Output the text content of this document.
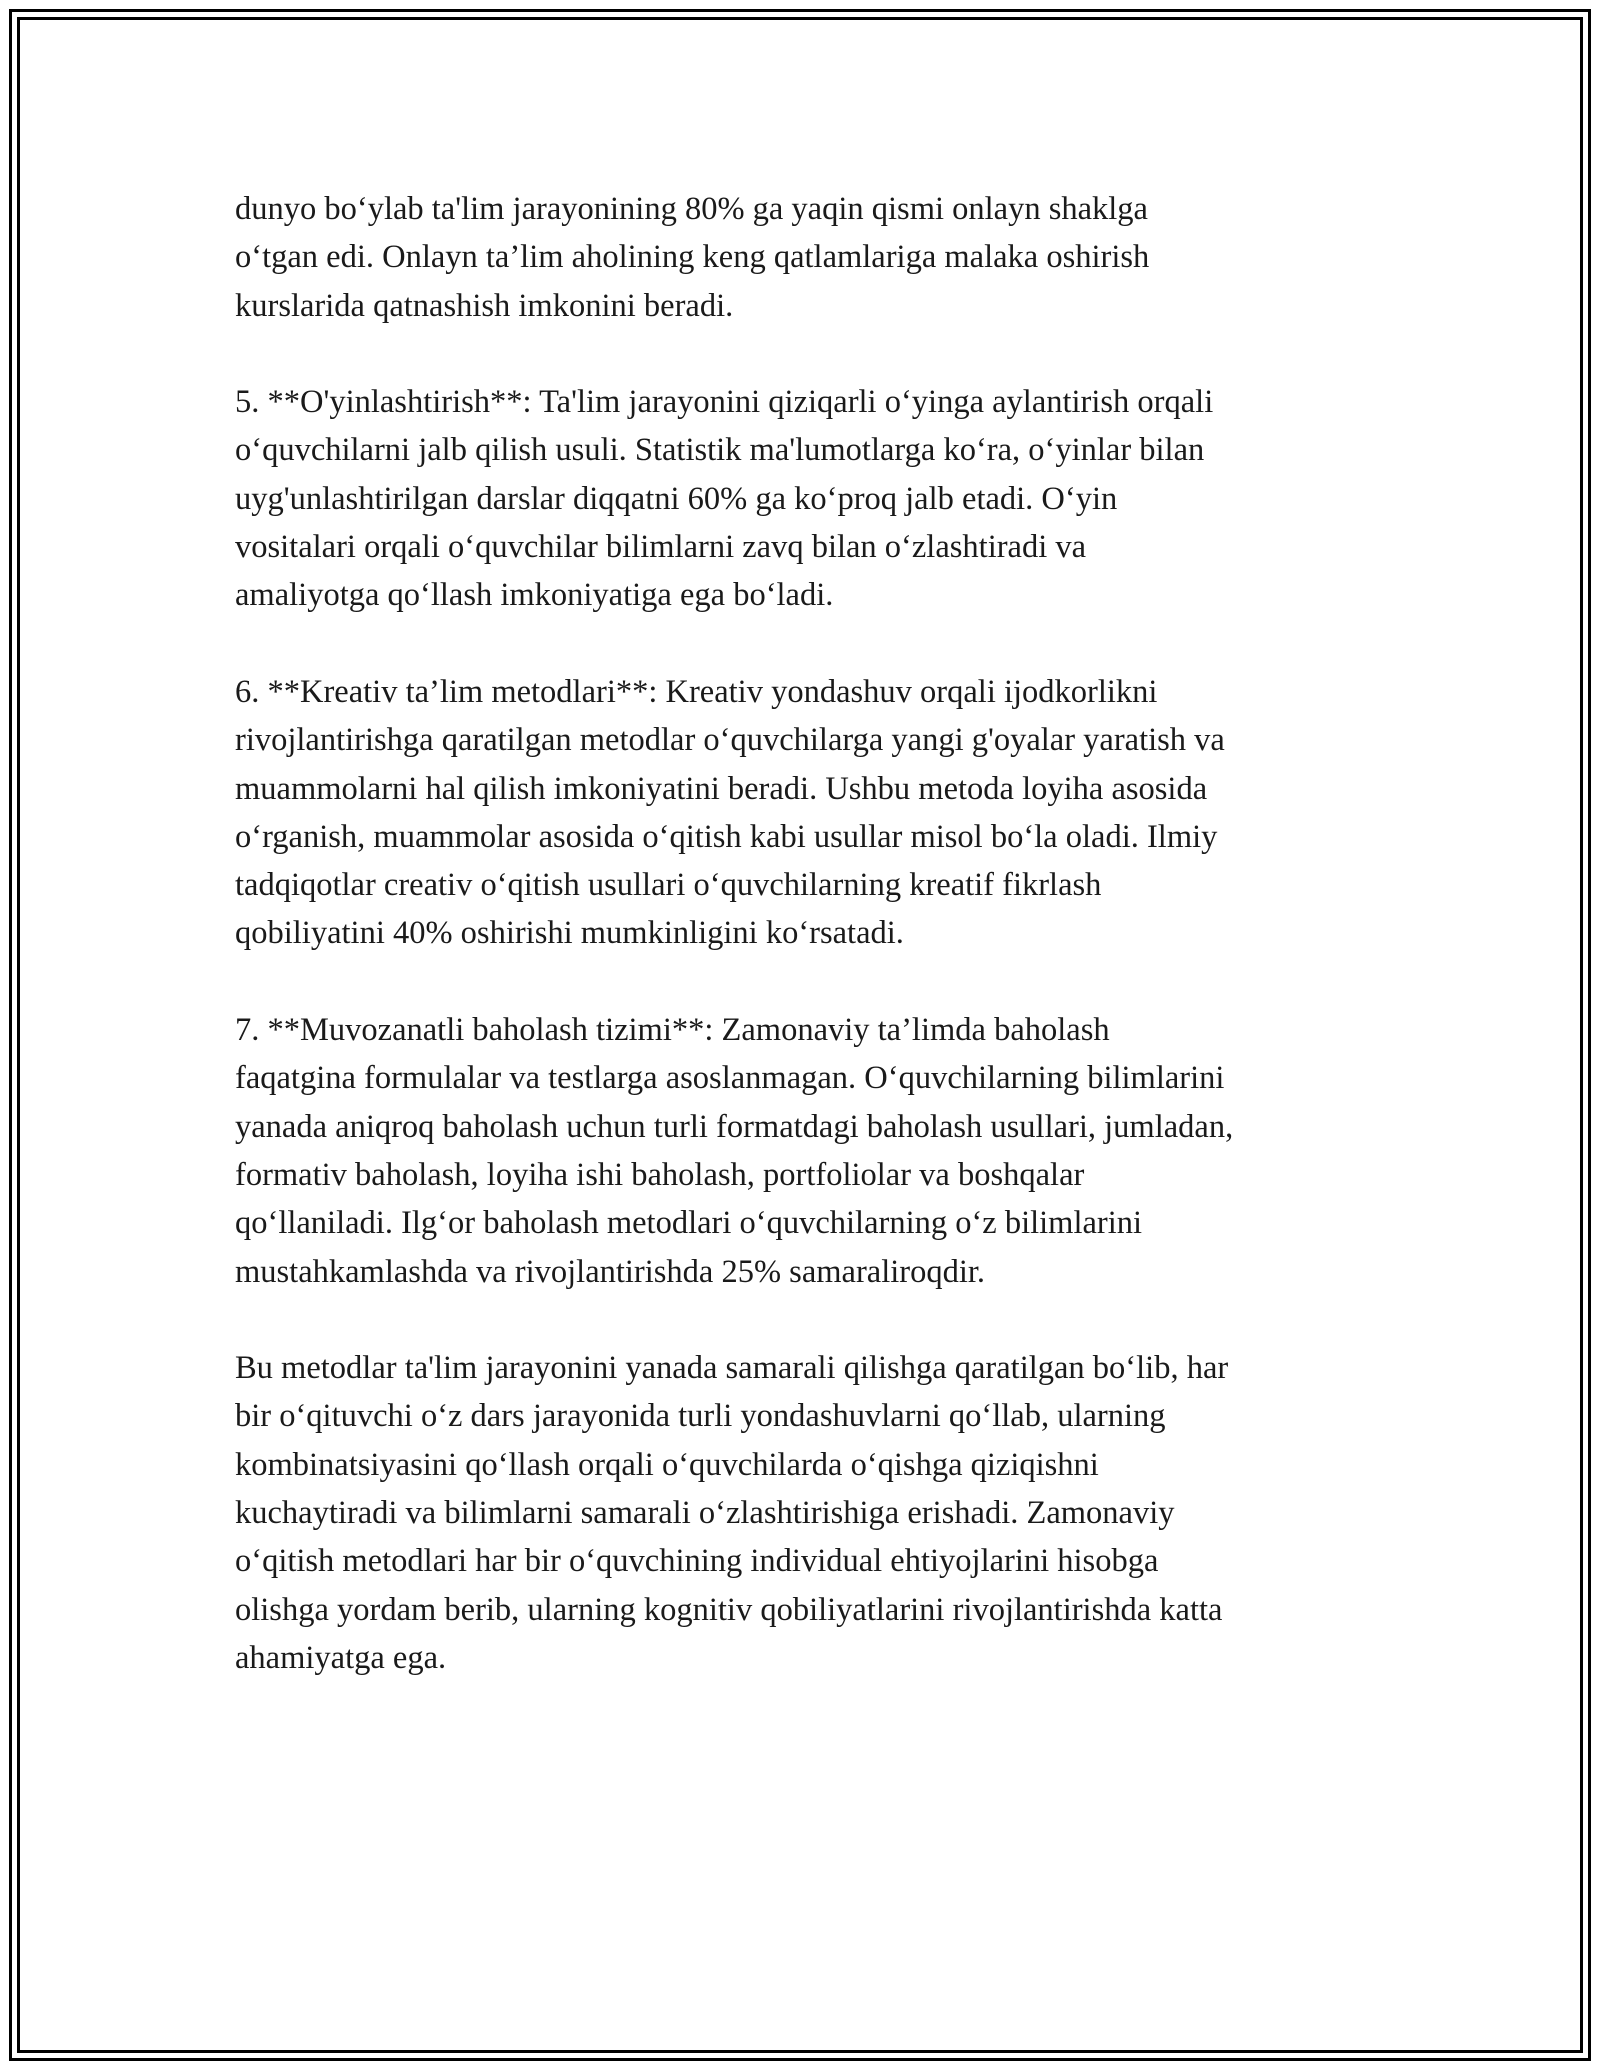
dunyo bo‘ylab ta'lim jarayonining 80% ga yaqin qismi onlayn shaklga
o‘tgan edi. Onlayn ta’lim aholining keng qatlamlariga malaka oshirish
kurslarida qatnashish imkonini beradi.

5. **O'yinlashtirish**: Ta'lim jarayonini qiziqarli o‘yinga aylantirish orqali
o‘quvchilarni jalb qilish usuli. Statistik ma'lumotlarga ko‘ra, o‘yinlar bilan
uyg'unlashtirilgan darslar diqqatni 60% ga ko‘proq jalb etadi. O‘yin
vositalari orqali o‘quvchilar bilimlarni zavq bilan o‘zlashtiradi va
amaliyotga qo‘llash imkoniyatiga ega bo‘ladi.

6. **Kreativ ta’lim metodlari**: Kreativ yondashuv orqali ijodkorlikni
rivojlantirishga qaratilgan metodlar o‘quvchilarga yangi g'oyalar yaratish va
muammolarni hal qilish imkoniyatini beradi. Ushbu metoda loyiha asosida
o‘rganish, muammolar asosida o‘qitish kabi usullar misol bo‘la oladi. Ilmiy
tadqiqotlar creativ o‘qitish usullari o‘quvchilarning kreatif fikrlash
qobiliyatini 40% oshirishi mumkinligini ko‘rsatadi.

7. **Muvozanatli baholash tizimi**: Zamonaviy ta’limda baholash
faqatgina formulalar va testlarga asoslanmagan. O‘quvchilarning bilimlarini
yanada aniqroq baholash uchun turli formatdagi baholash usullari, jumladan,
formativ baholash, loyiha ishi baholash, portfoliolar va boshqalar
qo‘llaniladi. Ilg‘or baholash metodlari o‘quvchilarning o‘z bilimlarini
mustahkamlashda va rivojlantirishda 25% samaraliroqdir.

Bu metodlar ta'lim jarayonini yanada samarali qilishga qaratilgan bo‘lib, har
bir o‘qituvchi o‘z dars jarayonida turli yondashuvlarni qo‘llab, ularning
kombinatsiyasini qo‘llash orqali o‘quvchilarda o‘qishga qiziqishni
kuchaytiradi va bilimlarni samarali o‘zlashtirishiga erishadi. Zamonaviy
o‘qitish metodlari har bir o‘quvchining individual ehtiyojlarini hisobga
olishga yordam berib, ularning kognitiv qobiliyatlarini rivojlantirishda katta
ahamiyatga ega.
